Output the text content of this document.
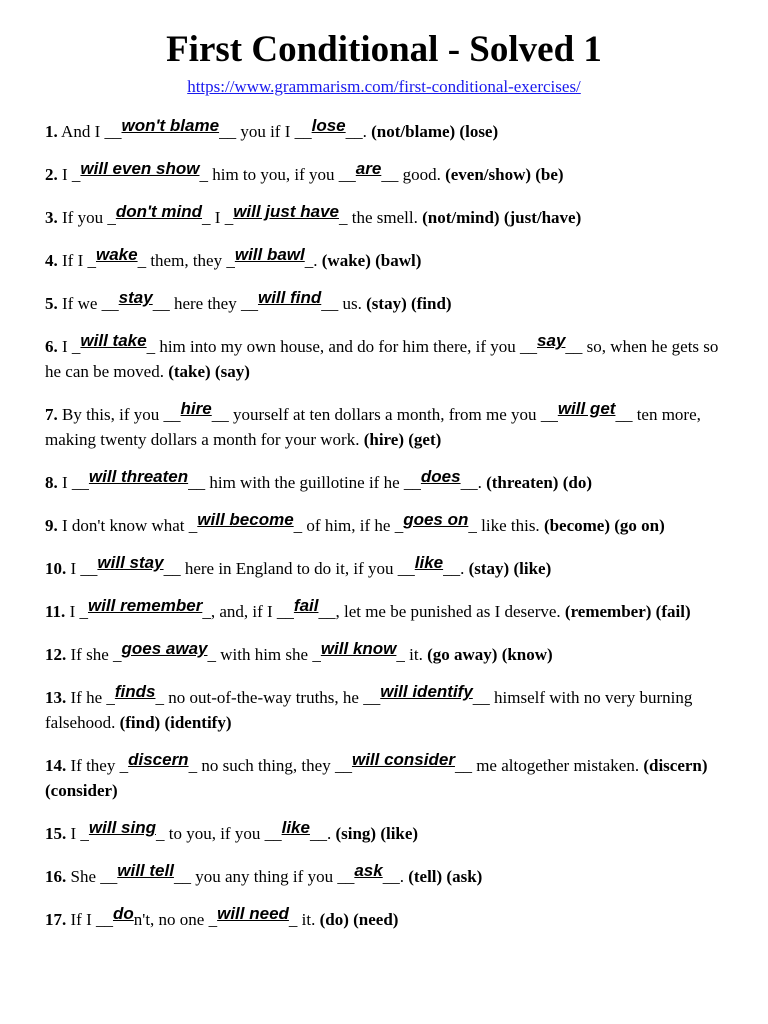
First Conditional - Solved 1
https://www.grammarism.com/first-conditional-exercises/
1. And I __won't blame__ you if I __lose__. (not/blame) (lose)
2. I _will even show_ him to you, if you __are__ good. (even/show) (be)
3. If you _don't mind_ I _will just have_ the smell. (not/mind) (just/have)
4. If I _wake_ them, they _will bawl_. (wake) (bawl)
5. If we __stay__ here they __will find__ us. (stay) (find)
6. I _will take_ him into my own house, and do for him there, if you __say__ so, when he gets so he can be moved. (take) (say)
7. By this, if you __hire__ yourself at ten dollars a month, from me you __will get__ ten more, making twenty dollars a month for your work. (hire) (get)
8. I __will threaten__ him with the guillotine if he __does__. (threaten) (do)
9. I don't know what _will become_ of him, if he _goes on_ like this. (become) (go on)
10. I __will stay__ here in England to do it, if you __like__. (stay) (like)
11. I _will remember_, and, if I __fail__, let me be punished as I deserve. (remember) (fail)
12. If she _goes away_ with him she _will know_ it. (go away) (know)
13. If he _finds_ no out-of-the-way truths, he __will identify__ himself with no very burning falsehood. (find) (identify)
14. If they _discern_ no such thing, they __will consider__ me altogether mistaken. (discern) (consider)
15. I _will sing_ to you, if you __like__. (sing) (like)
16. She __will tell__ you any thing if you __ask__. (tell) (ask)
17. If I __don't, no one _will need_ it. (do) (need)
